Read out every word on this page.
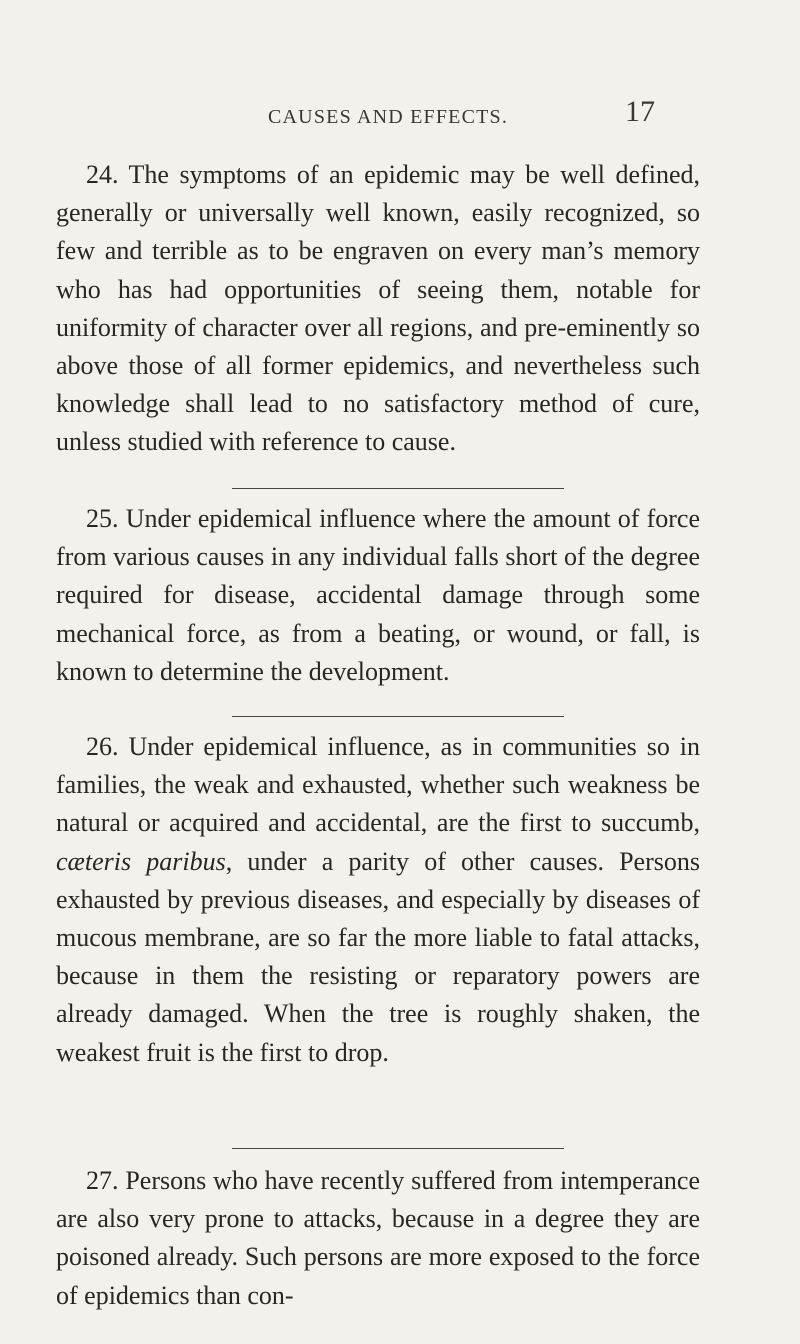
CAUSES AND EFFECTS.	17

24. The symptoms of an epidemic may be well defined, generally or universally well known, easily recognized, so few and terrible as to be engraven on every man’s memory who has had opportunities of seeing them, notable for uniformity of character over all regions, and pre-eminently so above those of all former epidemics, and nevertheless such knowledge shall lead to no satisfactory method of cure, unless studied with reference to cause.

25. Under epidemical influence where the amount of force from various causes in any individual falls short of the degree required for disease, accidental damage through some mechanical force, as from a beating, or wound, or fall, is known to determine the development.

26. Under epidemical influence, as in communities so in families, the weak and exhausted, whether such weakness be natural or acquired and accidental, are the first to succumb, cæteris paribus, under a parity of other causes. Persons exhausted by previous diseases, and especially by diseases of mucous membrane, are so far the more liable to fatal attacks, because in them the resisting or reparatory powers are already damaged. When the tree is roughly shaken, the weakest fruit is the first to drop.

27. Persons who have recently suffered from intemperance are also very prone to attacks, because in a degree they are poisoned already. Such persons are more exposed to the force of epidemics than con-
